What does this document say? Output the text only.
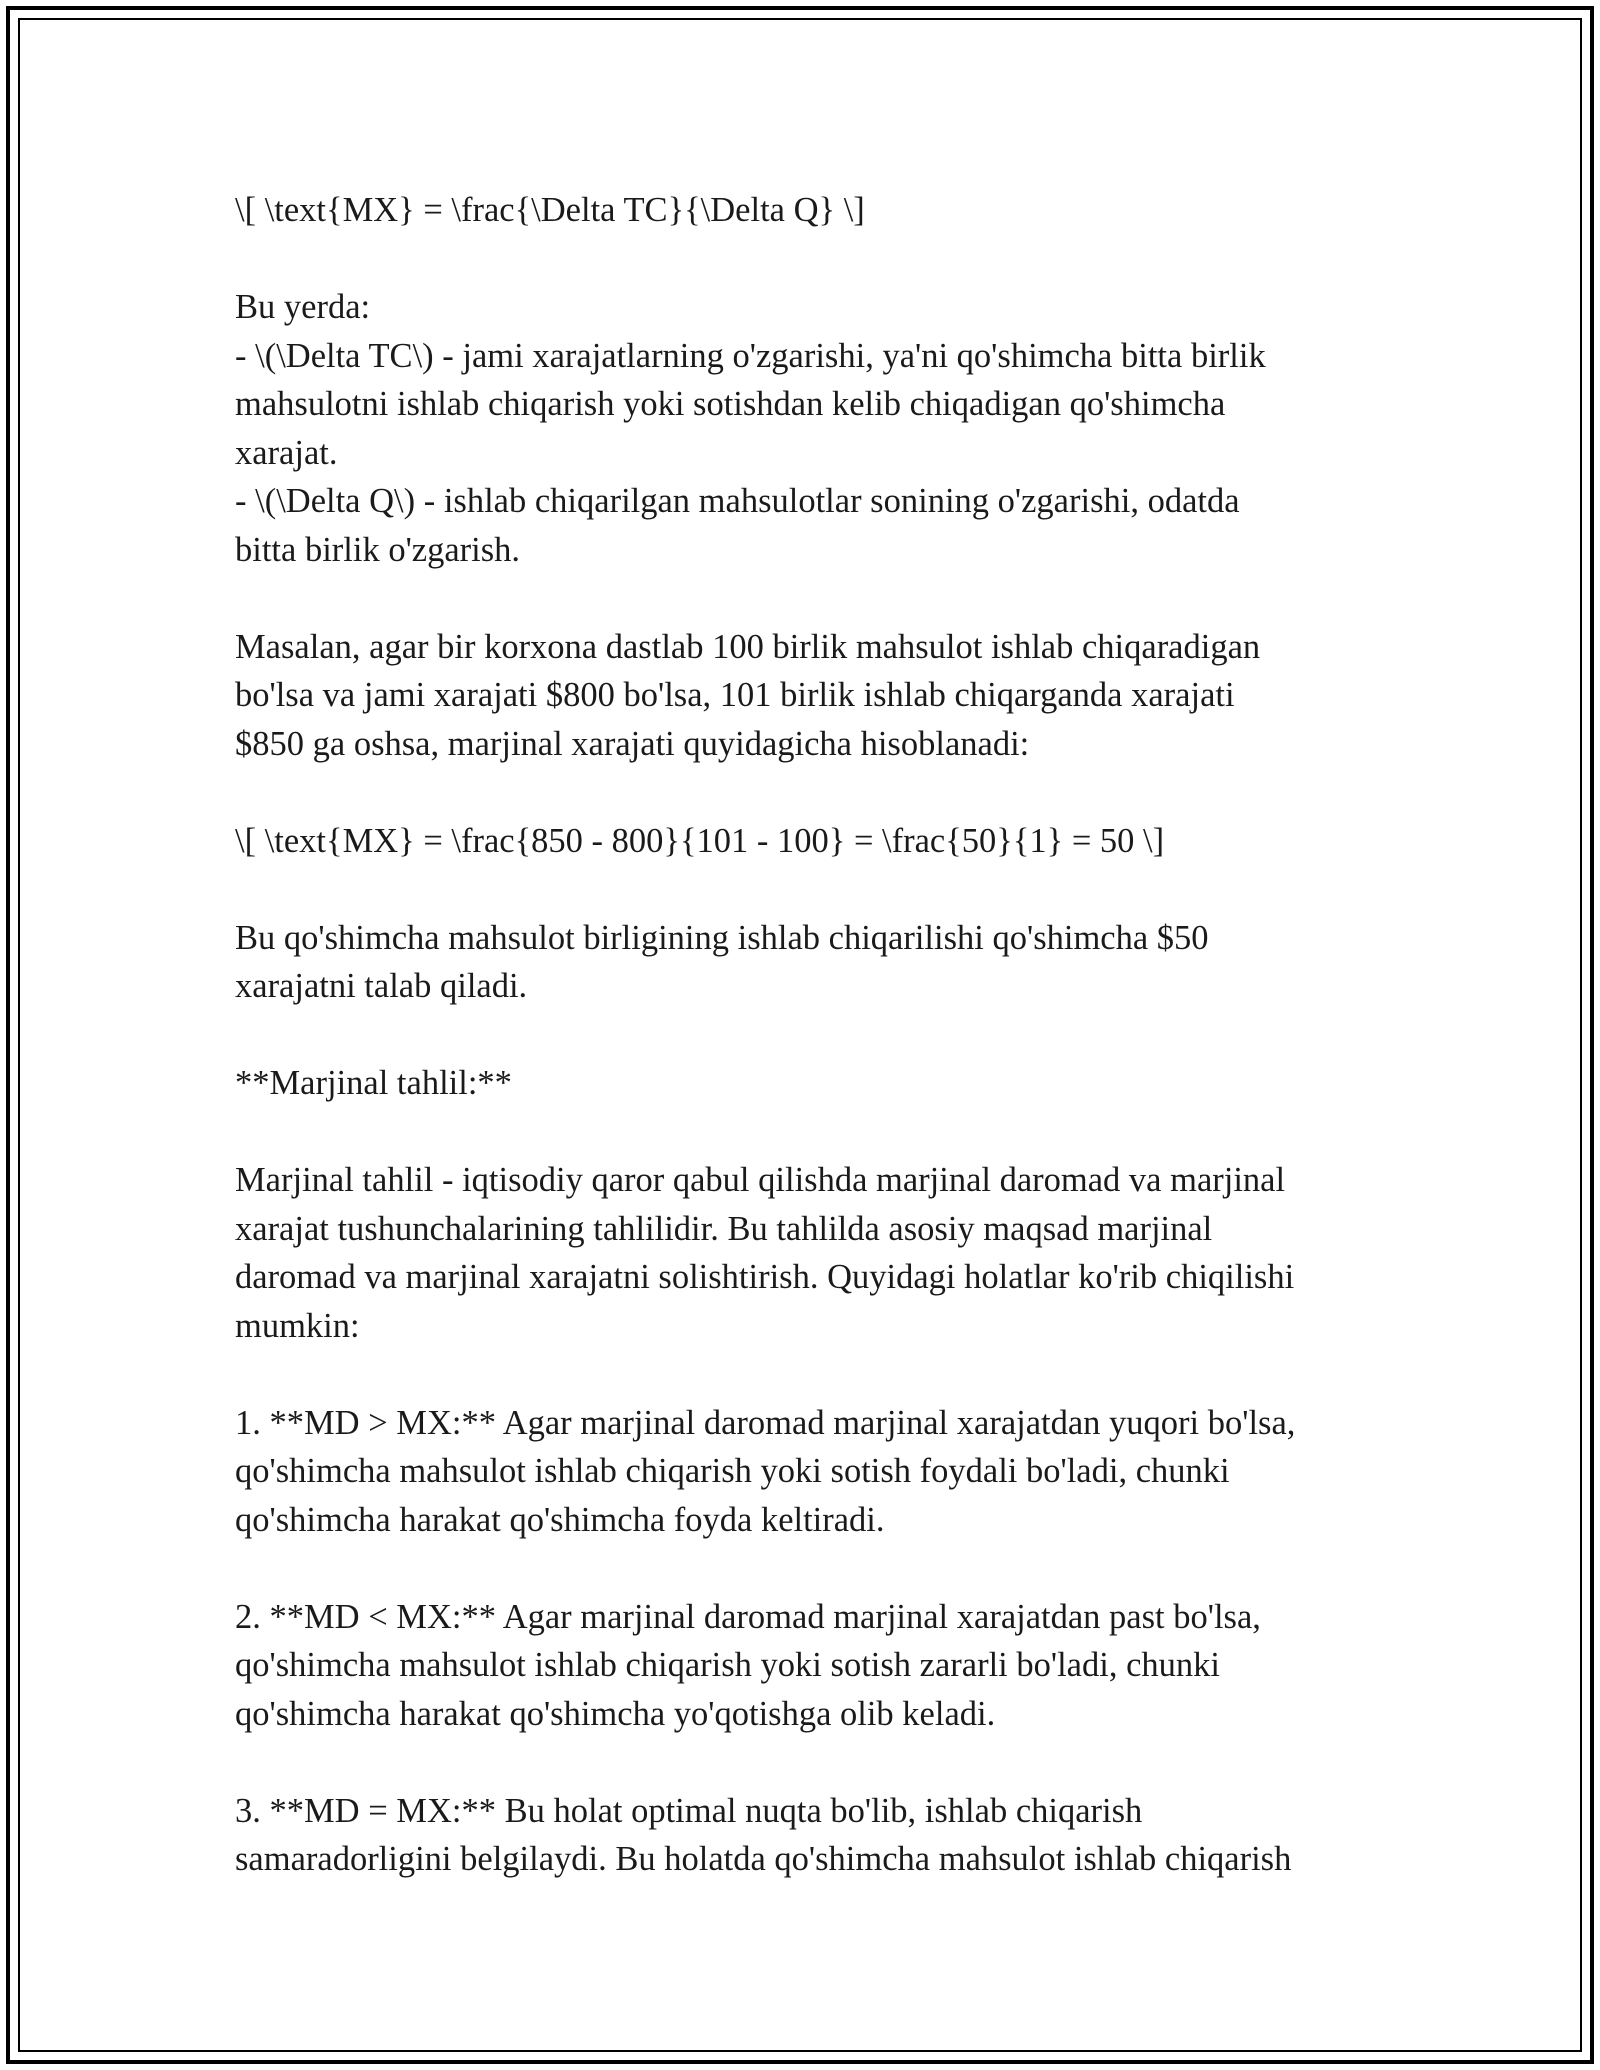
\[ \text{MX} = \frac{\Delta TC}{\Delta Q} \]

Bu yerda:
- \(\Delta TC\) - jami xarajatlarning o'zgarishi, ya'ni qo'shimcha bitta birlik
mahsulotni ishlab chiqarish yoki sotishdan kelib chiqadigan qo'shimcha
xarajat.
- \(\Delta Q\) - ishlab chiqarilgan mahsulotlar sonining o'zgarishi, odatda
bitta birlik o'zgarish.

Masalan, agar bir korxona dastlab 100 birlik mahsulot ishlab chiqaradigan
bo'lsa va jami xarajati $800 bo'lsa, 101 birlik ishlab chiqarganda xarajati
$850 ga oshsa, marjinal xarajati quyidagicha hisoblanadi:

\[ \text{MX} = \frac{850 - 800}{101 - 100} = \frac{50}{1} = 50 \]

Bu qo'shimcha mahsulot birligining ishlab chiqarilishi qo'shimcha $50
xarajatni talab qiladi.

**Marjinal tahlil:**

Marjinal tahlil - iqtisodiy qaror qabul qilishda marjinal daromad va marjinal
xarajat tushunchalarining tahlilidir. Bu tahlilda asosiy maqsad marjinal
daromad va marjinal xarajatni solishtirish. Quyidagi holatlar ko'rib chiqilishi
mumkin:

1. **MD > MX:** Agar marjinal daromad marjinal xarajatdan yuqori bo'lsa,
qo'shimcha mahsulot ishlab chiqarish yoki sotish foydali bo'ladi, chunki
qo'shimcha harakat qo'shimcha foyda keltiradi.

2. **MD < MX:** Agar marjinal daromad marjinal xarajatdan past bo'lsa,
qo'shimcha mahsulot ishlab chiqarish yoki sotish zararli bo'ladi, chunki
qo'shimcha harakat qo'shimcha yo'qotishga olib keladi.

3. **MD = MX:** Bu holat optimal nuqta bo'lib, ishlab chiqarish
samaradorligini belgilaydi. Bu holatda qo'shimcha mahsulot ishlab chiqarish
